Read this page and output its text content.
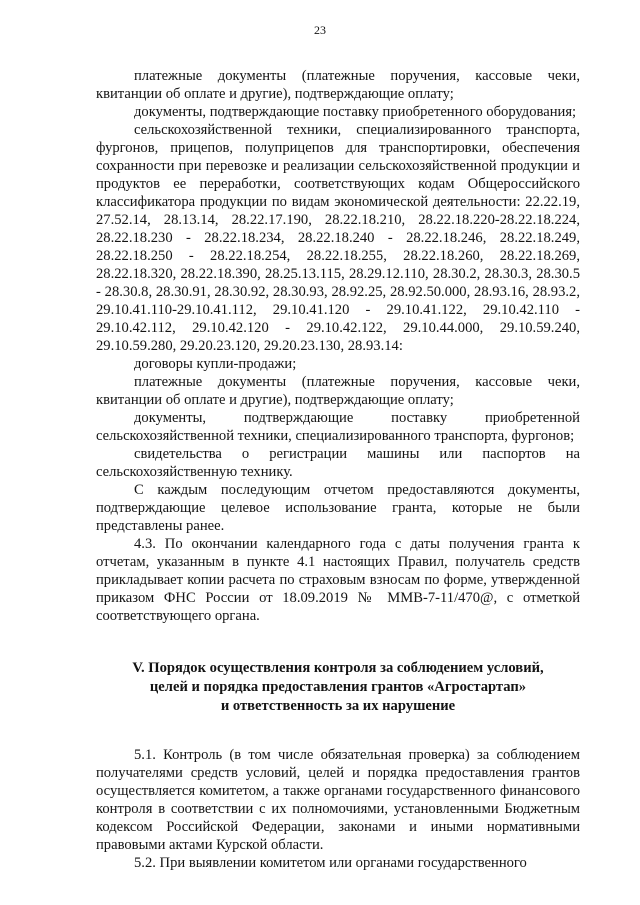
23

платежные документы (платежные поручения, кассовые чеки, квитанции об оплате и другие), подтверждающие оплату;

документы, подтверждающие поставку приобретенного оборудования;

сельскохозяйственной техники, специализированного транспорта, фургонов, прицепов, полуприцепов для транспортировки, обеспечения сохранности при перевозке и реализации сельскохозяйственной продукции и продуктов ее переработки, соответствующих кодам Общероссийского классификатора продукции по видам экономической деятельности: 22.22.19, 27.52.14, 28.13.14, 28.22.17.190, 28.22.18.210, 28.22.18.220-28.22.18.224, 28.22.18.230 - 28.22.18.234, 28.22.18.240 - 28.22.18.246, 28.22.18.249, 28.22.18.250 - 28.22.18.254, 28.22.18.255, 28.22.18.260, 28.22.18.269, 28.22.18.320, 28.22.18.390, 28.25.13.115, 28.29.12.110, 28.30.2, 28.30.3, 28.30.5 - 28.30.8, 28.30.91, 28.30.92, 28.30.93, 28.92.25, 28.92.50.000, 28.93.16, 28.93.2, 29.10.41.110-29.10.41.112, 29.10.41.120 - 29.10.41.122, 29.10.42.110 - 29.10.42.112, 29.10.42.120 - 29.10.42.122, 29.10.44.000, 29.10.59.240, 29.10.59.280, 29.20.23.120, 29.20.23.130, 28.93.14:

договоры купли-продажи;

платежные документы (платежные поручения, кассовые чеки, квитанции об оплате и другие), подтверждающие оплату;

документы, подтверждающие поставку приобретенной сельскохозяйственной техники, специализированного транспорта, фургонов;

свидетельства о регистрации машины или паспортов на сельскохозяйственную технику.

С каждым последующим отчетом предоставляются документы, подтверждающие целевое использование гранта, которые не были представлены ранее.

4.3. По окончании календарного года с даты получения гранта к отчетам, указанным в пункте 4.1 настоящих Правил, получатель средств прикладывает копии расчета по страховым взносам по форме, утвержденной приказом ФНС России от 18.09.2019 № ММВ-7-11/470@, с отметкой соответствующего органа.

V. Порядок осуществления контроля за соблюдением условий,
целей и порядка предоставления грантов «Агростартап»
и ответственность за их нарушение

5.1. Контроль (в том числе обязательная проверка) за соблюдением получателями средств условий, целей и порядка предоставления грантов осуществляется комитетом, а также органами государственного финансового контроля в соответствии с их полномочиями, установленными Бюджетным кодексом Российской Федерации, законами и иными нормативными правовыми актами Курской области.

5.2. При выявлении комитетом или органами государственного
